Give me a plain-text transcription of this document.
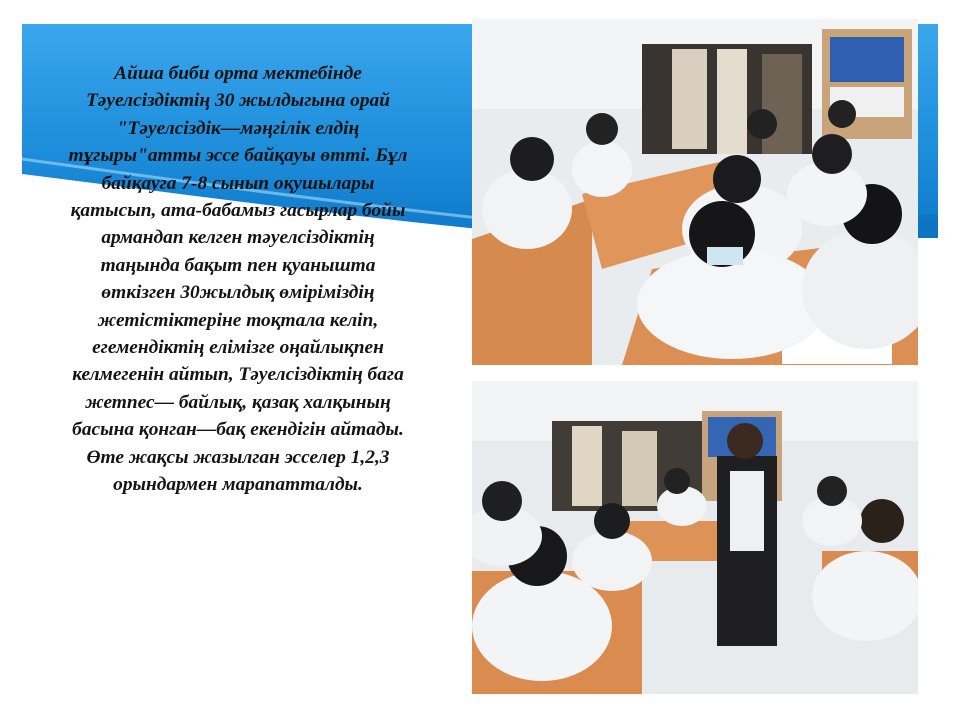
Айша биби орта мектебінде Тәуелсіздіктің 30 жылдыгына орай "Тәуелсіздік—мәңгілік елдің тұгыры"атты эссе байқауы өтті. Бұл байқауга 7-8 сынып оқушылары қатысып, ата-бабамыз гасырлар бойы армандап келген тәуелсіздіктің таңында бақыт пен қуанышта өткізген 30жылдық өміріміздің жетістіктеріне тоқтала келіп, егемендіктің елімізге оңайлықпен келмегенін айтып, Тәуелсіздіктің бага жетпес— байлық, қазақ халқының басына қонган—бақ екендігін айтады. Өте жақсы жазылган эсселер 1,2,3 орындармен марапатталды.
